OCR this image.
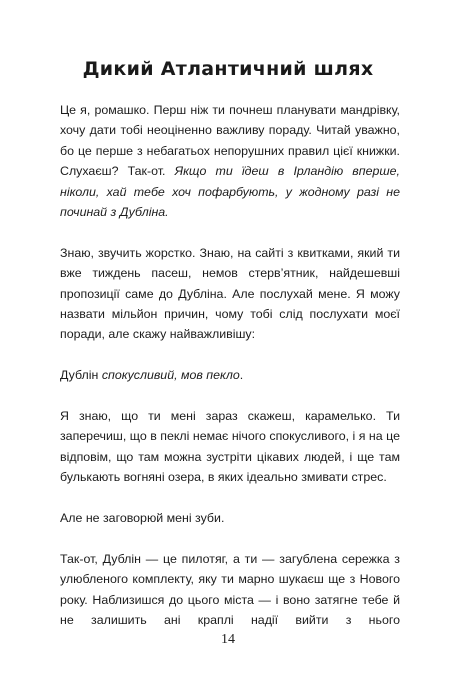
Дикий Атлантичний шлях

Це я, ромашко. Перш ніж ти почнеш планувати мандрівку, хочу дати тобі неоціненно важливу пораду. Читай уважно, бо це перше з небагатьох непорушних правил цієї книжки. Слухаєш? Так-от. Якщо ти їдеш в Ірландію вперше, ніколи, хай тебе хоч пофарбують, у жодному разі не починай з Дубліна.

Знаю, звучить жорстко. Знаю, на сайті з квитками, який ти вже тиждень пасеш, немов стерв’ятник, найдешевші пропозиції саме до Дубліна. Але послухай мене. Я можу назвати мільйон причин, чому тобі слід послухати моєї поради, але скажу найважливішу:

Дублін спокусливий, мов пекло.

Я знаю, що ти мені зараз скажеш, карамелько. Ти заперечиш, що в пеклі немає нічого спокусливого, і я на це відповім, що там можна зустріти цікавих людей, і ще там булькають вогняні озера, в яких ідеально змивати стрес.

Але не заговорюй мені зуби.

Так-от, Дублін — це пилотяг, а ти — загублена сережка з улюбленого комплекту, яку ти марно шукаєш ще з Нового року. Наблизишся до цього міста — і воно затягне тебе й не залишить ані краплі надії вийти з нього

14
